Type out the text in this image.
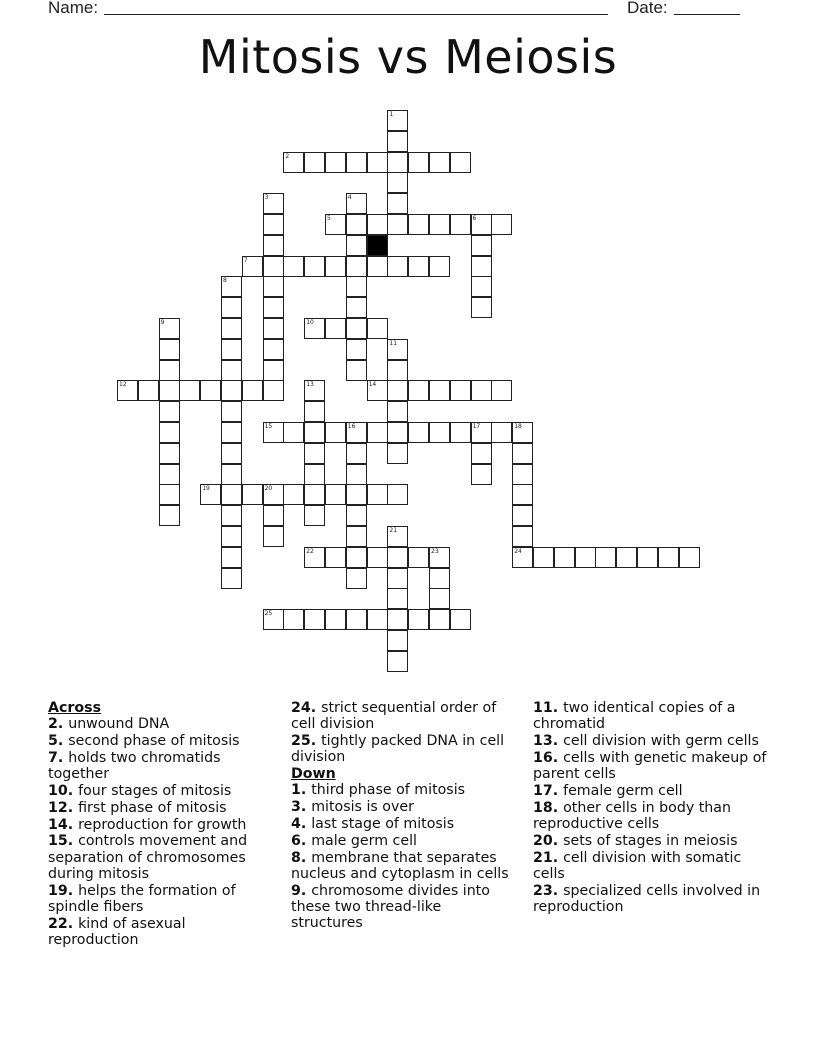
Name:	Date:
Mitosis vs Meiosis
1
2
3	4
5	6
7
8
9	10
11
12	13	14
15	16	17	18
24
19	20
21
22	23
25
Across
2. unwound DNA
5. second phase of mitosis
7. holds two chromatids together
10. four stages of mitosis
12. first phase of mitosis
14. reproduction for growth
15. controls movement and separation of chromosomes during mitosis
19. helps the formation of spindle fibers
22. kind of asexual reproduction
24. strict sequential order of cell division
25. tightly packed DNA in cell division
Down
1. third phase of mitosis
3. mitosis is over
4. last stage of mitosis
6. male germ cell
8. membrane that separates nucleus and cytoplasm in cells
9. chromosome divides into these two thread-like structures
11. two identical copies of a chromatid
13. cell division with germ cells
16. cells with genetic makeup of parent cells
17. female germ cell
18. other cells in body than reproductive cells
20. sets of stages in meiosis
21. cell division with somatic cells
23. specialized cells involved in reproduction
